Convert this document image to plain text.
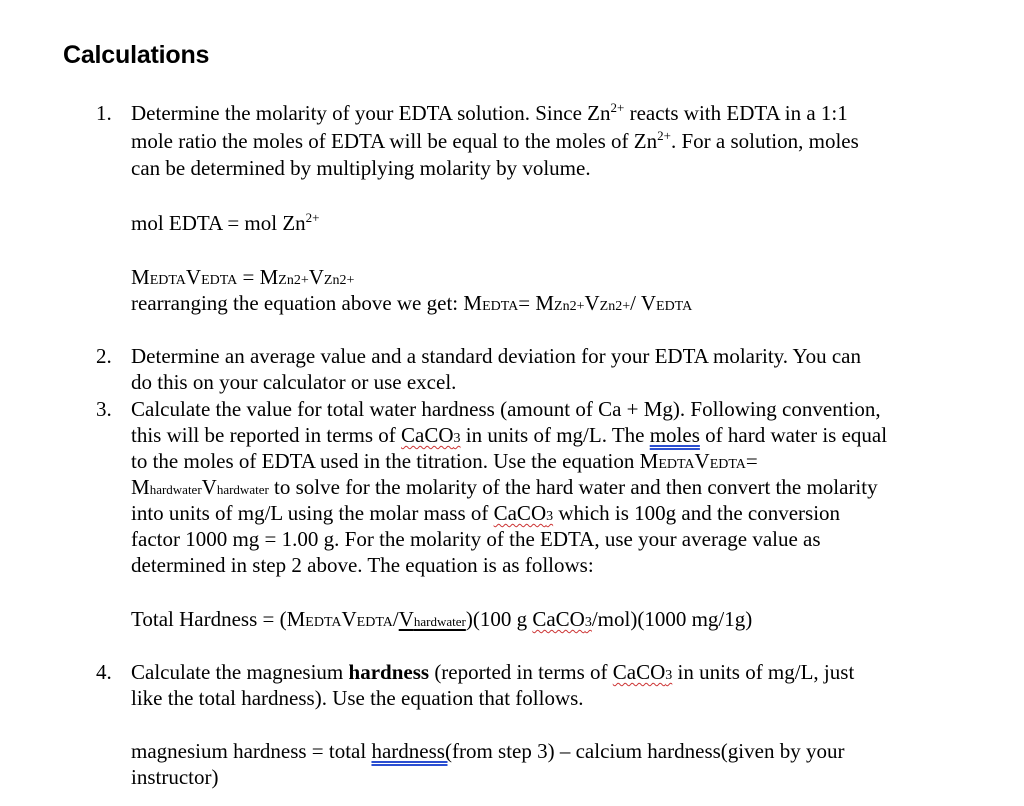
Calculations
1. Determine the molarity of your EDTA solution. Since $Zn^{2+}$ reacts with EDTA in a 1:1
mole ratio the moles of EDTA will be equal to the moles of $Zn^{2+}$. For a solution, moles
can be determined by multiplying molarity by volume.
mol EDTA = mol $Zn^{2+}$
MEDTAVEDTA = MZn2+VZn2+
rearranging the equation above we get: MEDTA= MZn2+VZn2+/ VEDTA
2. Determine an average value and a standard deviation for your EDTA molarity. You can
do this on your calculator or use excel.
3. Calculate the value for total water hardness (amount of Ca + Mg). Following convention,
this will be reported in terms of CaCO3 in units of mg/L. The moles of hard water is equal
to the moles of EDTA used in the titration. Use the equation MEDTAVEDTA=
MhardwaterVhardwater to solve for the molarity of the hard water and then convert the molarity
into units of mg/L using the molar mass of CaCO3 which is 100g and the conversion
factor 1000 mg = 1.00 g. For the molarity of the EDTA, use your average value as
determined in step 2 above. The equation is as follows:
Total Hardness = (MEDTAVEDTA/Vhardwater)(100 g CaCO3/mol)(1000 mg/1g)
4. Calculate the magnesium hardness (reported in terms of CaCO3 in units of mg/L, just
like the total hardness). Use the equation that follows.
magnesium hardness = total hardness(from step 3) – calcium hardness(given by your
instructor)
